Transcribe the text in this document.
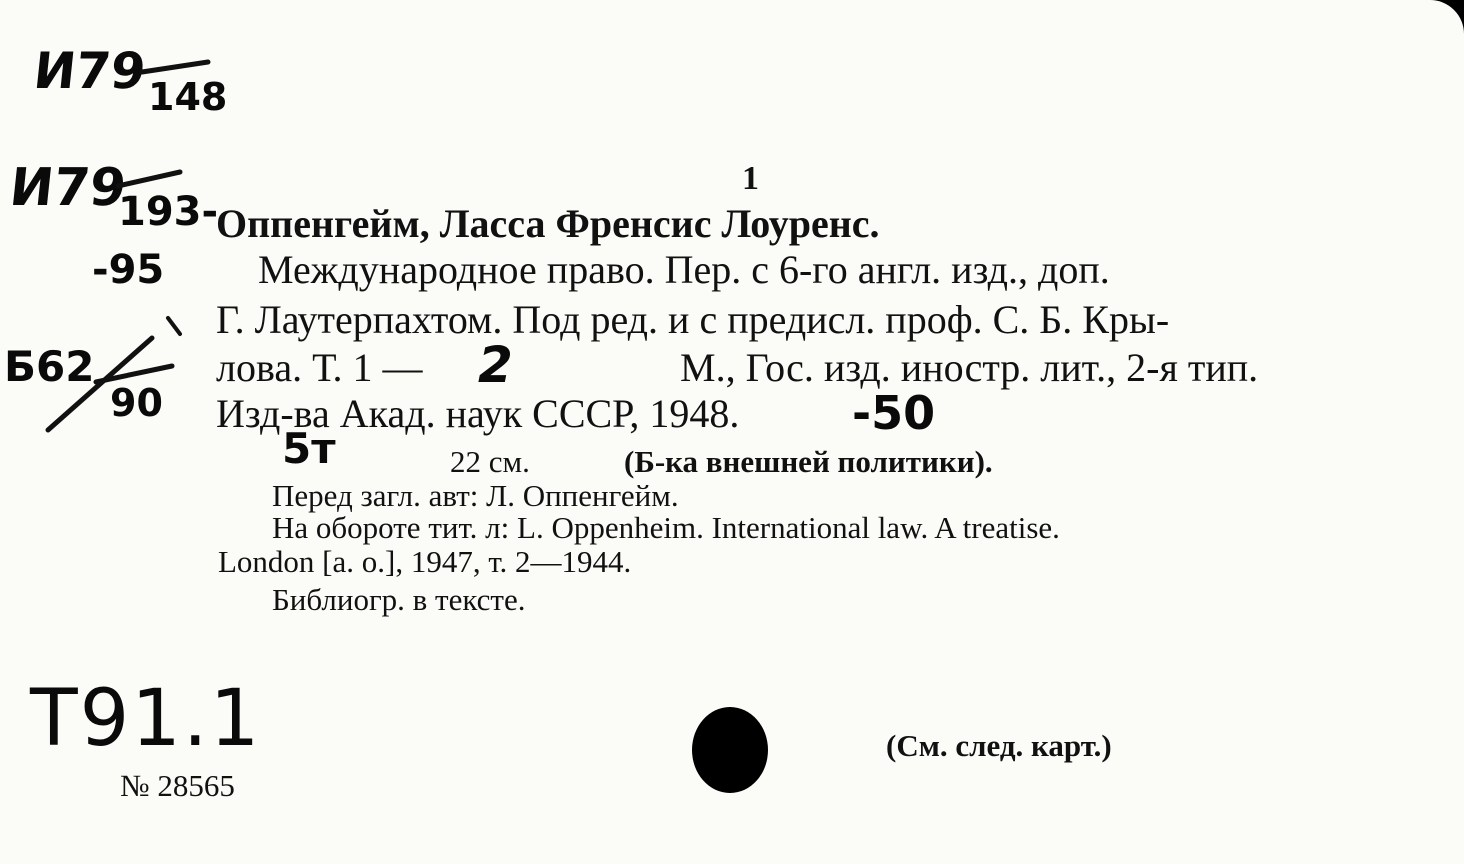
И79 148
И79
193-
-95
Б62
90
1
Оппенгейм, Ласса Френсис Лоуренс.
Международное право. Пер. с 6-го англ. изд., доп.
Г. Лаутерпахтом. Под ред. и с предисл. проф. С. Б. Кры-
лова. Т. 1 — 2	М., Гос. изд. иностр. лит., 2-я тип.
Изд-ва Акад. наук СССР, 1948. -50
5т	22 см.	(Б-ка внешней политики).
Перед загл. авт: Л. Оппенгейм.
На обороте тит. л: L. Oppenheim. International law. A treatise.
London [a. o.], 1947, т. 2—1944.
Библиогр. в тексте.
T91.1
№ 28565
(См. след. карт.)
